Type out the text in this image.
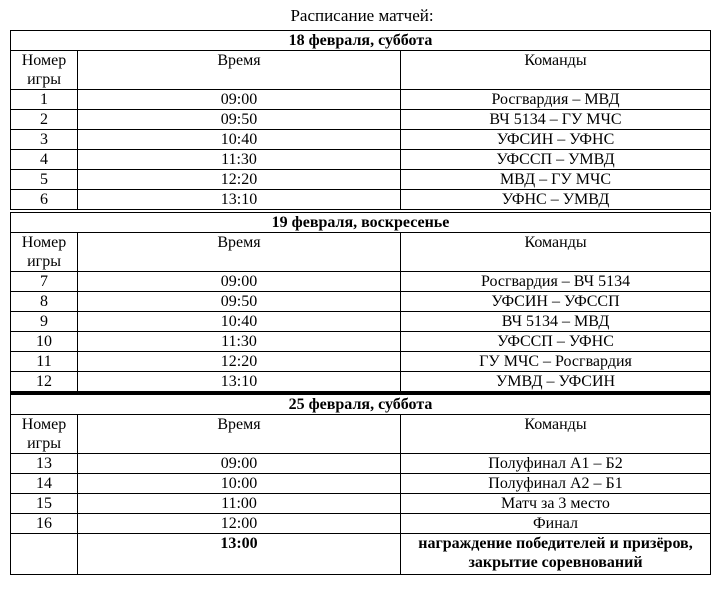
Расписание матчей:
18 февраля, суббота		
Номер игры	Время	Команды
1	09:00	Росгвардия – МВД
2	09:50	ВЧ 5134 – ГУ МЧС
3	10:40	УФСИН – УФНС
4	11:30	УФССП – УМВД
5	12:20	МВД – ГУ МЧС
6	13:10	УФНС – УМВД
19 февраля, воскресенье		
Номер игры	Время	Команды
7	09:00	Росгвардия – ВЧ 5134
8	09:50	УФСИН – УФССП
9	10:40	ВЧ 5134 – МВД
10	11:30	УФССП – УФНС
11	12:20	ГУ МЧС – Росгвардия
12	13:10	УМВД – УФСИН
25 февраля, суббота		
Номер игры	Время	Команды
13	09:00	Полуфинал А1 – Б2
14	10:00	Полуфинал А2 – Б1
15	11:00	Матч за 3 место
16	12:00	Финал
	13:00	награждение победителей и призёров, закрытие соревнований
